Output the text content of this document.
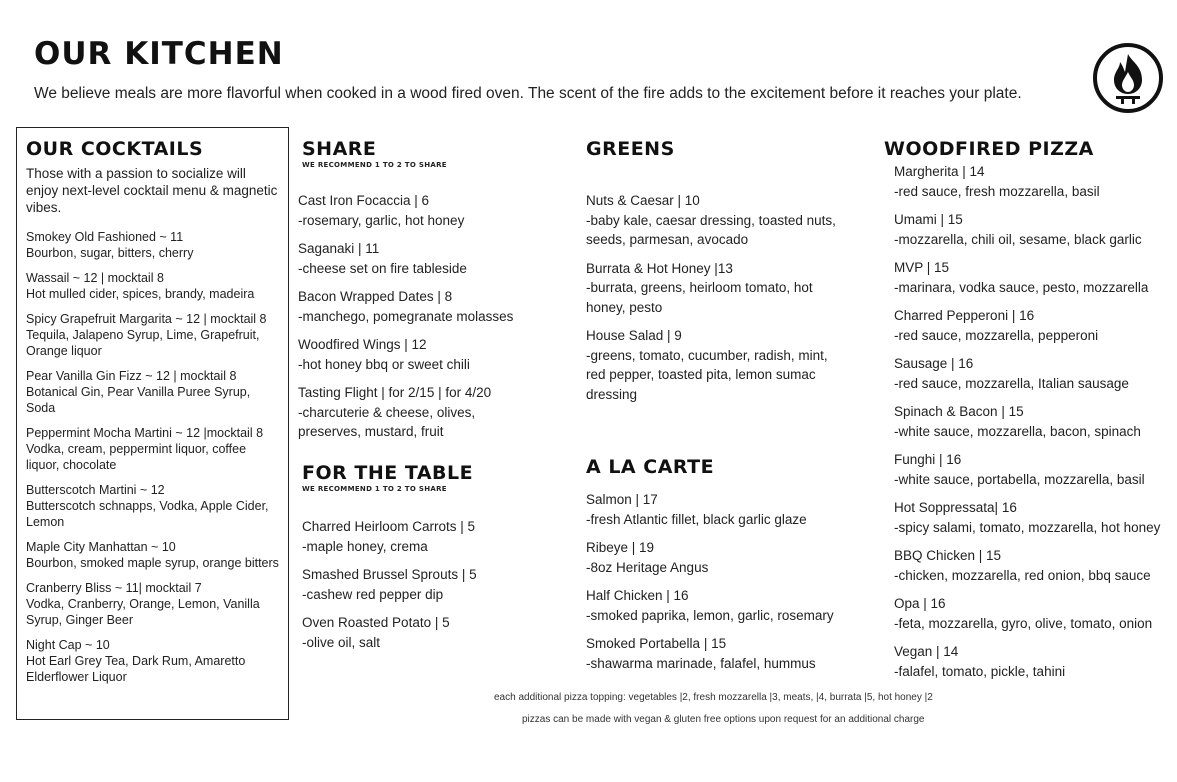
OUR KITCHEN
We believe meals are more flavorful when cooked in a wood fired oven. The scent of the fire adds to the excitement before it reaches your plate.
OUR COCKTAILS
Those with a passion to socialize will enjoy next-level cocktail menu & magnetic vibes.
Smokey Old Fashioned ~ 11
Bourbon, sugar, bitters, cherry
Wassail ~ 12 | mocktail 8
Hot mulled cider, spices, brandy, madeira
Spicy Grapefruit Margarita ~ 12 | mocktail 8
Tequila, Jalapeno Syrup, Lime, Grapefruit, Orange liquor
Pear Vanilla Gin Fizz ~ 12 | mocktail 8
Botanical Gin, Pear Vanilla Puree Syrup, Soda
Peppermint Mocha Martini ~ 12 |mocktail 8
Vodka, cream, peppermint liquor, coffee liquor, chocolate
Butterscotch Martini ~ 12
Butterscotch schnapps, Vodka, Apple Cider, Lemon
Maple City Manhattan ~ 10
Bourbon, smoked maple syrup, orange bitters
Cranberry Bliss ~ 11| mocktail 7
Vodka, Cranberry, Orange, Lemon, Vanilla Syrup, Ginger Beer
Night Cap ~ 10
Hot Earl Grey Tea, Dark Rum, Amaretto Elderflower Liquor
SHARE
WE RECOMMEND 1 TO 2 TO SHARE
Cast Iron Focaccia | 6
-rosemary, garlic, hot honey
Saganaki | 11
-cheese set on fire tableside
Bacon Wrapped Dates | 8
-manchego, pomegranate molasses
Woodfired Wings | 12
-hot honey bbq or sweet chili
Tasting Flight | for 2/15 | for 4/20
-charcuterie & cheese, olives, preserves, mustard, fruit
FOR THE TABLE
WE RECOMMEND 1 TO 2 TO SHARE
Charred Heirloom Carrots | 5
-maple honey, crema
Smashed Brussel Sprouts | 5
-cashew red pepper dip
Oven Roasted Potato | 5
-olive oil, salt
GREENS
Nuts & Caesar | 10
-baby kale, caesar dressing, toasted nuts, seeds, parmesan, avocado
Burrata & Hot Honey |13
-burrata, greens, heirloom tomato, hot honey, pesto
House Salad | 9
-greens, tomato, cucumber, radish, mint, red pepper, toasted pita, lemon sumac dressing
A LA CARTE
Salmon | 17
-fresh Atlantic fillet, black garlic glaze
Ribeye | 19
-8oz Heritage Angus
Half Chicken | 16
-smoked paprika, lemon, garlic, rosemary
Smoked Portabella | 15
-shawarma marinade, falafel, hummus
WOODFIRED PIZZA
Margherita | 14
-red sauce, fresh mozzarella, basil
Umami | 15
-mozzarella, chili oil, sesame, black garlic
MVP | 15
-marinara, vodka sauce, pesto, mozzarella
Charred Pepperoni | 16
-red sauce, mozzarella, pepperoni
Sausage | 16
-red sauce, mozzarella, Italian sausage
Spinach & Bacon | 15
-white sauce, mozzarella, bacon, spinach
Funghi | 16
-white sauce, portabella, mozzarella, basil
Hot Soppressata| 16
-spicy salami, tomato, mozzarella, hot honey
BBQ Chicken | 15
-chicken, mozzarella, red onion, bbq sauce
Opa | 16
-feta, mozzarella, gyro, olive, tomato, onion
Vegan | 14
-falafel, tomato, pickle, tahini
each additional pizza topping: vegetables |2, fresh mozzarella |3, meats, |4, burrata |5, hot honey |2
pizzas can be made with vegan & gluten free options upon request for an additional charge
